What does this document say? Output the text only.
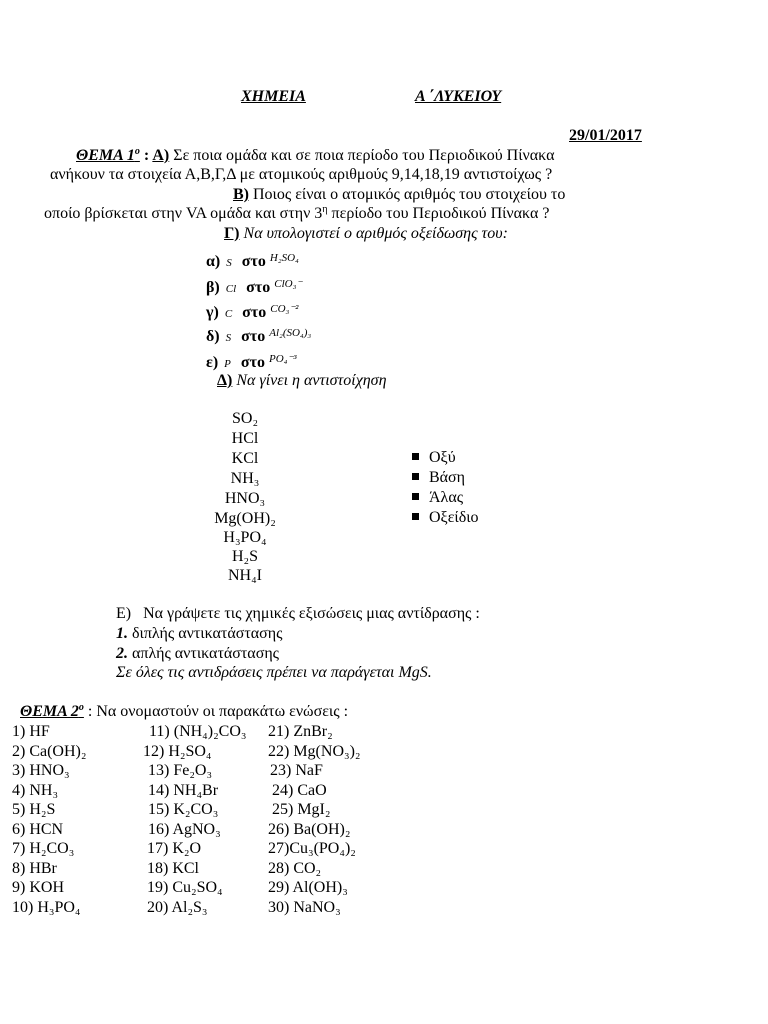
ΧΗΜΕΙΑ	Α ΄ΛΥΚΕΙΟΥ
29/01/2017
ΘΕΜΑ $1^o$ : Α) Σε ποια ομάδα και σε ποια περίοδο του Περιοδικού Πίνακα
ανήκουν τα στοιχεία Α,Β,Γ,Δ με ατομικούς αριθμούς 9,14,18,19 αντιστοίχως ?
Β) Ποιος είναι ο ατομικός αριθμός του στοιχείου το
οποίο βρίσκεται στην VA ομάδα και στην $3^\eta$ περίοδο του Περιοδικού Πίνακα ?
Γ) Να υπολογιστεί ο αριθμός οξείδωσης του:
α) S στο $^{H_2SO_4}$
β) Cl στο $^{ClO_3^-}$
γ) C στο $^{CO_3^{-2}}$
δ) S στο $^{Al_2(SO_4)_3}$
ε) P στο $^{PO_4^{-3}}$
Δ) Να γίνει η αντιστοίχηση
SO₂
HCl
KCl
NH₃
HNO₃
Mg(OH)₂
H₃PO₄
H₂S
NH₄I
Οξύ
Βάση
Άλας
Οξείδιο
Ε) Να γράψετε τις χημικές εξισώσεις μιας αντίδρασης :
1. διπλής αντικατάστασης
2. απλής αντικατάστασης
Σε όλες τις αντιδράσεις πρέπει να παράγεται MgS.
ΘΕΜΑ $2^o$ : Να ονομαστούν οι παρακάτω ενώσεις :
1) HF
2) Ca(OH)₂
3) HNO₃
4) NH₃
5) H₂S
6) HCN
7) H₂CO₃
8) HBr
9) KOH
10) H₃PO₄
11) (NH₄)₂CO₃
12) H₂SO₄
13) Fe₂O₃
14) NH₄Br
15) K₂CO₃
16) AgNO₃
17) K₂O
18) KCl
19) Cu₂SO₄
20) Al₂S₃
21) ZnBr₂
22) Mg(NO₃)₂
23) NaF
24) CaO
25) MgI₂
26) Ba(OH)₂
27)Cu₃(PO₄)₂
28) CO₂
29) Al(OH)₃
30) NaNO₃
